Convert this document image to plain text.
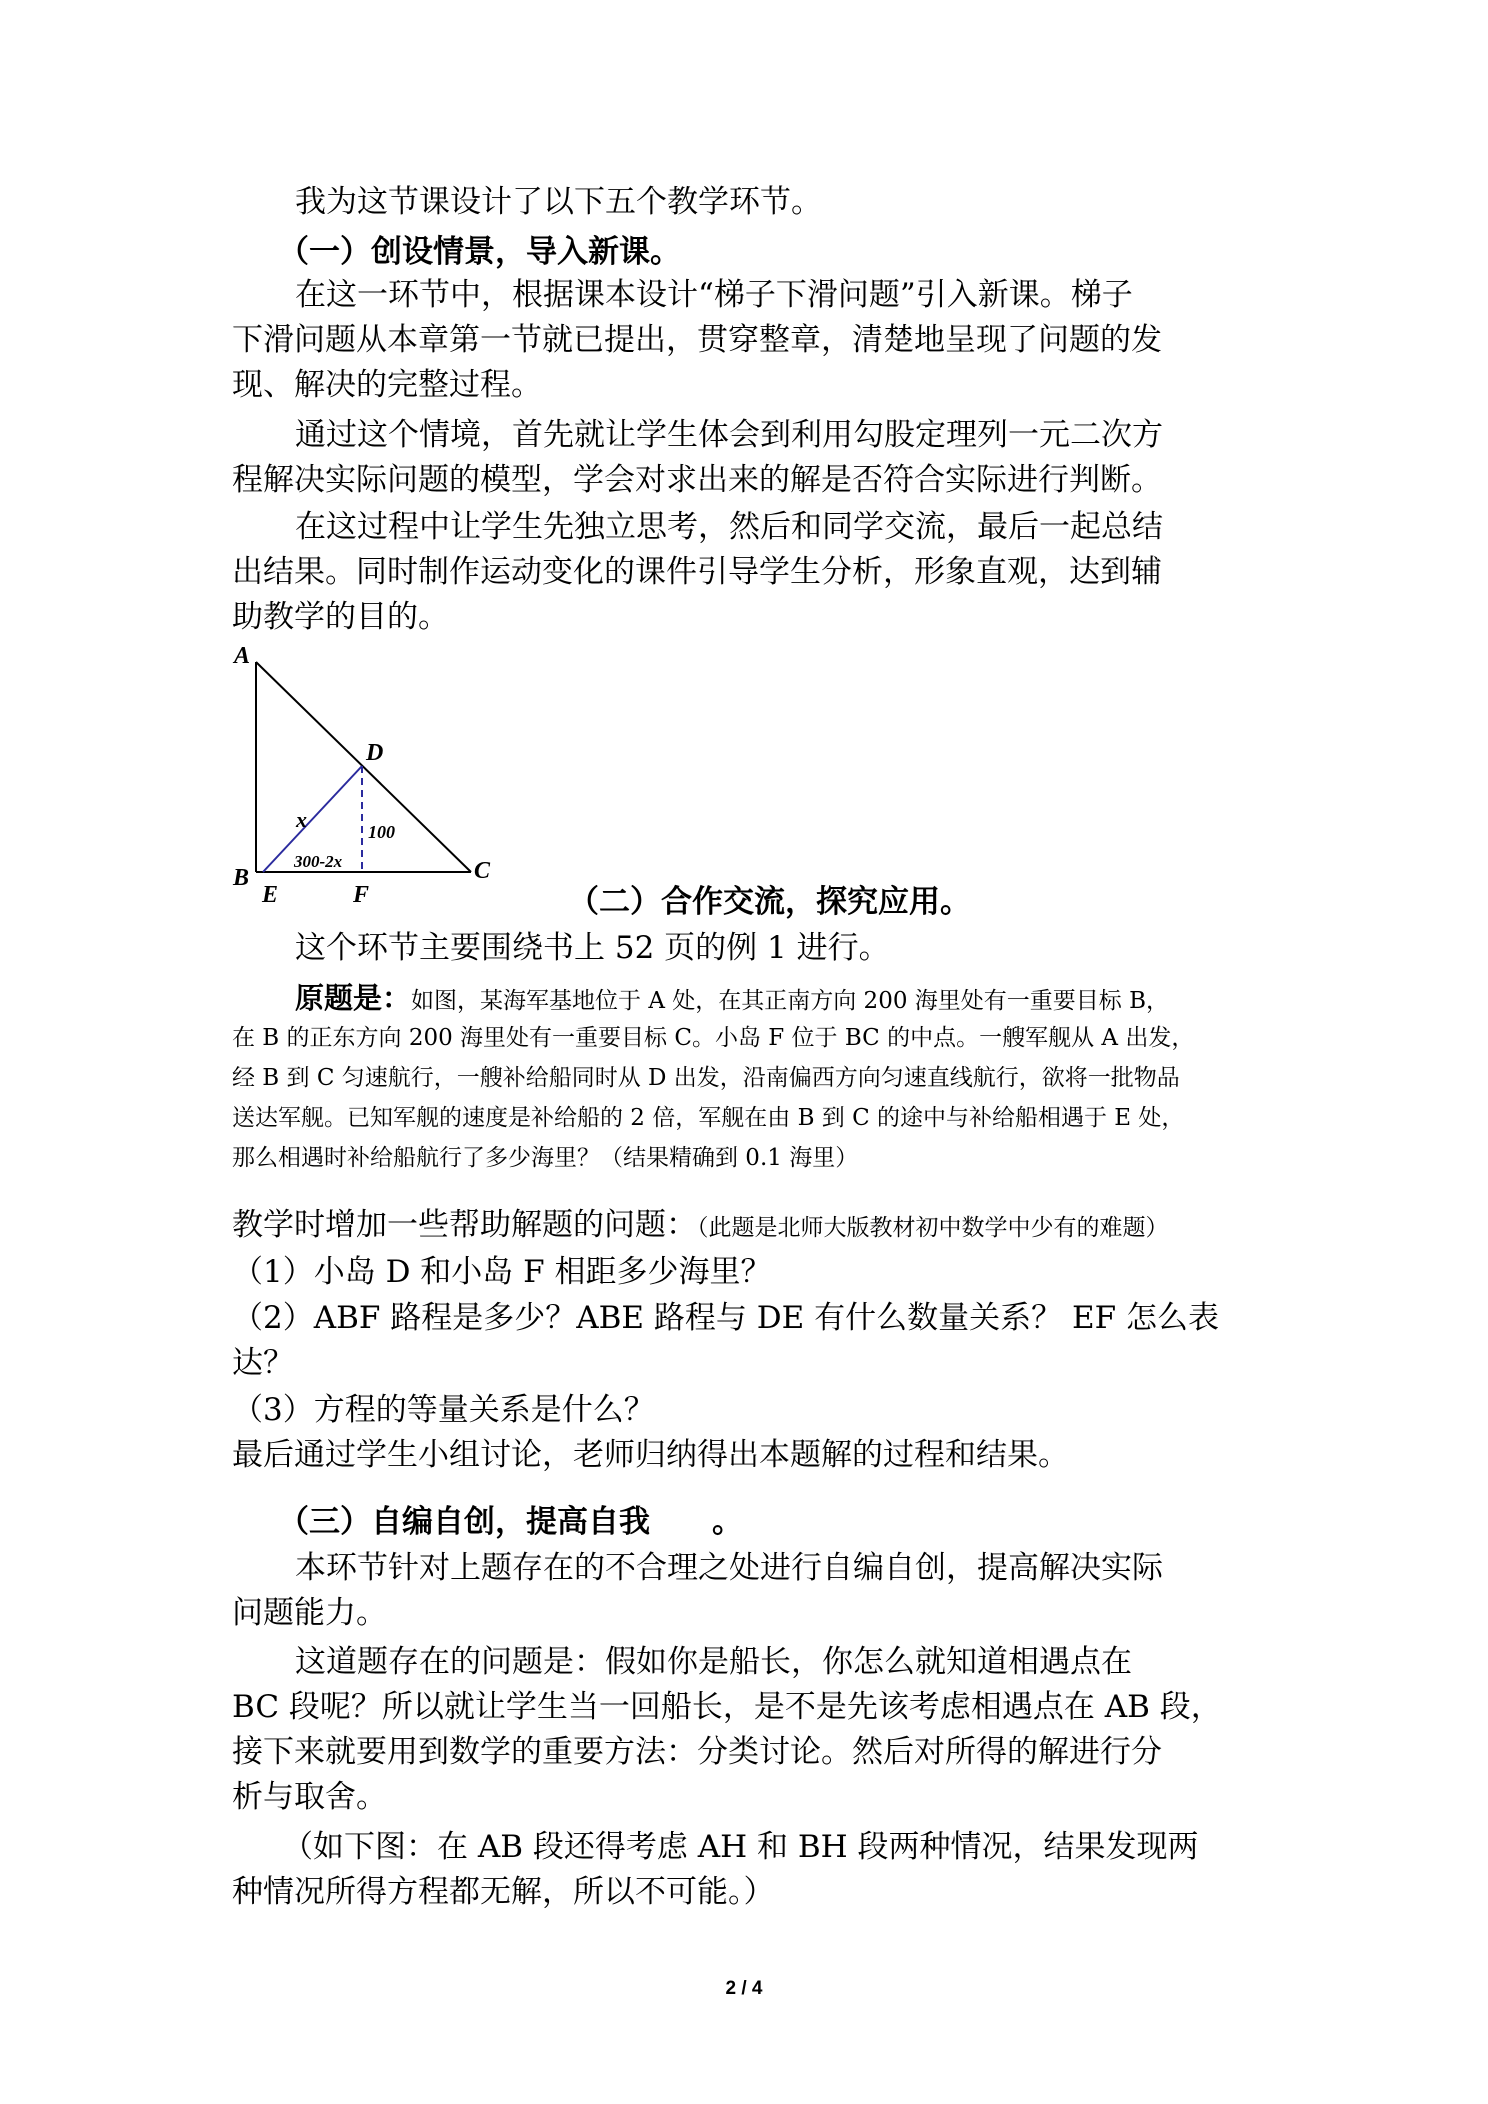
我为这节课设计了以下五个教学环节。
（一）创设情景，导入新课。
在这一环节中，根据课本设计“梯子下滑问题”引入新课。梯子
下滑问题从本章第一节就已提出，贯穿整章，清楚地呈现了问题的发
现、解决的完整过程。
通过这个情境，首先就让学生体会到利用勾股定理列一元二次方
程解决实际问题的模型，学会对求出来的解是否符合实际进行判断。
在这过程中让学生先独立思考，然后和同学交流，最后一起总结
出结果。同时制作运动变化的课件引导学生分析，形象直观，达到辅
助教学的目的。
A
D
x	100
300-2x
B	C
E	F	（二）合作交流，探究应用。
这个环节主要围绕书上 52 页的例 1 进行。
原题是：如图，某海军基地位于 A 处，在其正南方向 200 海里处有一重要目标 B，
在 B 的正东方向 200 海里处有一重要目标 C。小岛 F 位于 BC 的中点。一艘军舰从 A 出发，
经 B 到 C 匀速航行，一艘补给船同时从 D 出发，沿南偏西方向匀速直线航行，欲将一批物品
送达军舰。已知军舰的速度是补给船的 2 倍，军舰在由 B 到 C 的途中与补给船相遇于 E 处，
那么相遇时补给船航行了多少海里？（结果精确到 0.1 海里）
教学时增加一些帮助解题的问题：（此题是北师大版教材初中数学中少有的难题）
（1）小岛 D 和小岛 F 相距多少海里？
（2）ABF 路程是多少？ABE 路程与 DE 有什么数量关系？ EF 怎么表
达？
（3）方程的等量关系是什么？
最后通过学生小组讨论，老师归纳得出本题解的过程和结果。
（三）自编自创，提高自我　　。
本环节针对上题存在的不合理之处进行自编自创，提高解决实际
问题能力。
这道题存在的问题是：假如你是船长，你怎么就知道相遇点在
BC 段呢？所以就让学生当一回船长，是不是先该考虑相遇点在 AB 段，
接下来就要用到数学的重要方法：分类讨论。然后对所得的解进行分
析与取舍。
（如下图：在 AB 段还得考虑 AH 和 BH 段两种情况，结果发现两
种情况所得方程都无解，所以不可能。）
2 / 4
